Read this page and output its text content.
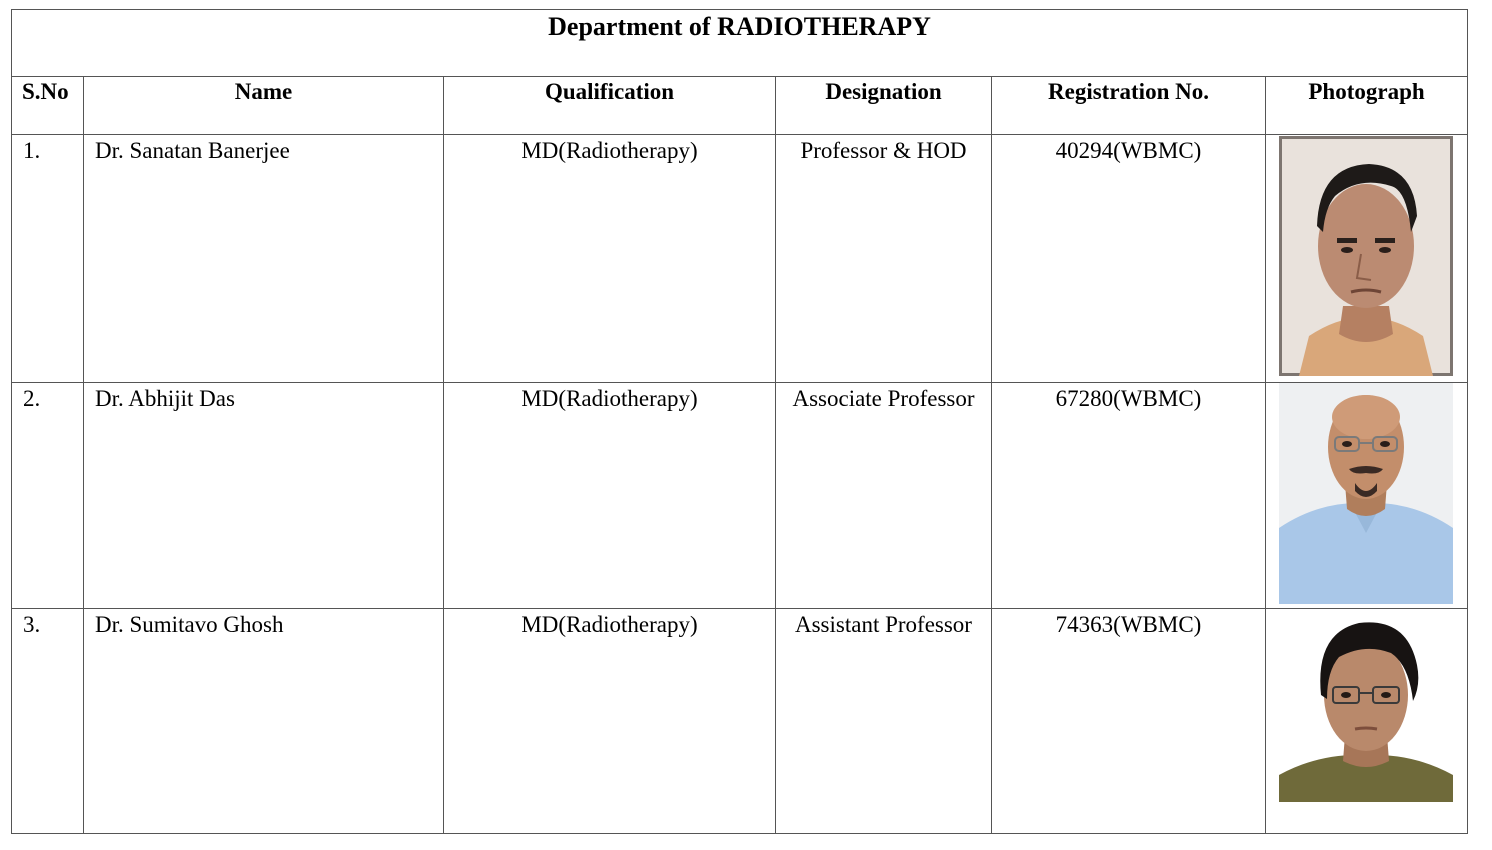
Department of RADIOTHERAPY					
S.No	Name	Qualification	Designation	Registration No.	Photograph
1.	Dr. Sanatan Banerjee	MD(Radiotherapy)	Professor & HOD	40294(WBMC)	

2.	Dr. Abhijit Das	MD(Radiotherapy)	Associate Professor	67280(WBMC)	

3.	Dr. Sumitavo Ghosh	MD(Radiotherapy)	Assistant Professor	74363(WBMC)	
